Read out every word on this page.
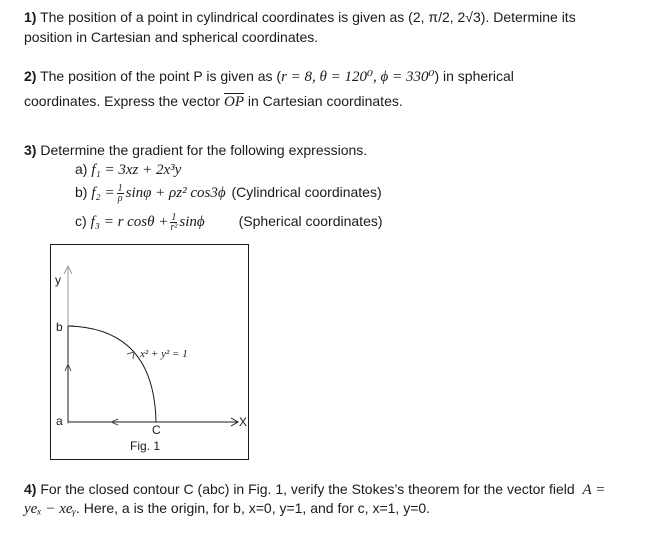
1) The position of a point in cylindrical coordinates is given as (2, π/2, 2√3). Determine its
position in Cartesian and spherical coordinates.
2) The position of the point P is given as (r = 8, θ = 120⁰, ϕ = 330⁰) in spherical
coordinates. Express the vector $\overline{OP}$ in Cartesian coordinates.
3) Determine the gradient for the following expressions.
a) f₁ = 3xz + 2x³y
b) $f_2 = \frac{1}{\rho}$ sinφ + ρz² cos3ϕ (Cylindrical coordinates)
c) f₃ = r $\cos\theta + \frac{1}{\text{r²}}$ sinϕ (Spherical coordinates)
y
b
a	X
C
x² + y² = 1
Fig. 1
4) For the closed contour C (abc) in Fig. 1, verify the Stokes’s theorem for the vector field A =
yeₓ − xeᵧ. Here, a is the origin, for b, x=0, y=1, and for c, x=1, y=0.
